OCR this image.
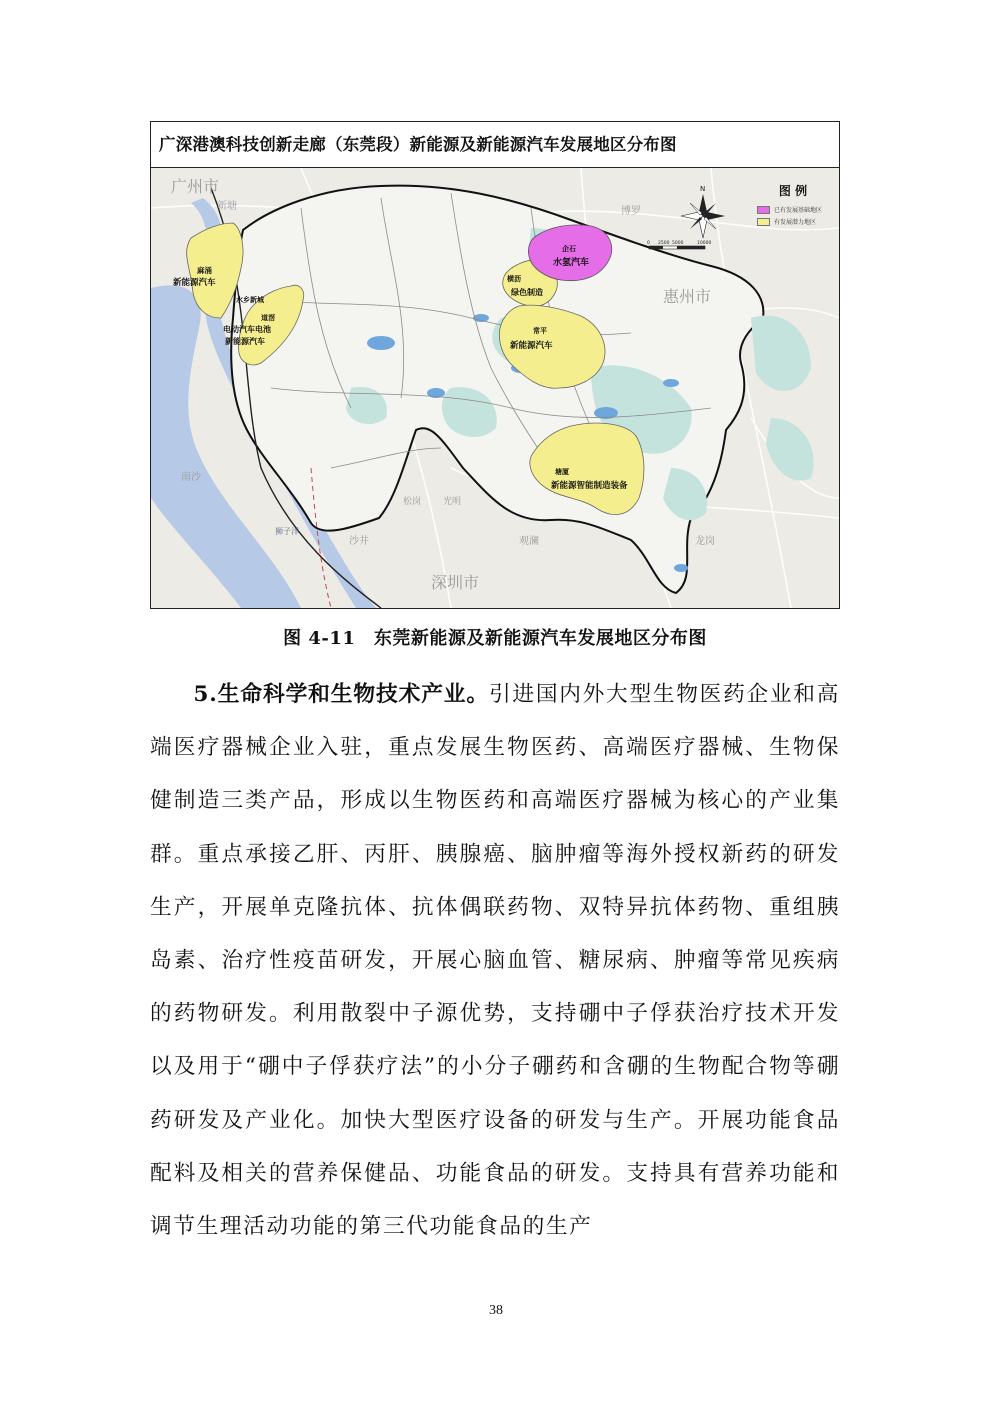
广深港澳科技创新走廊（东莞段）新能源及新能源汽车发展地区分布图
麻涌
新能源汽车
水乡新城
道滘
电动汽车电池
新能源汽车
企石
水氢汽车
横沥
绿色制造
常平
新能源汽车
塘厦
新能源智能制造装备
广州市
新塘	博罗
惠州市
南沙
松岗 光明
沙井	观澜	龙岗
深圳市
狮子洋
N
0 2500 5000	10000
图 例
已有发展基础地区
有发展潜力地区
图 4-11　东莞新能源及新能源汽车发展地区分布图

5.生命科学和生物技术产业。引进国内外大型生物医药企业和高端医疗器械企业入驻，重点发展生物医药、高端医疗器械、生物保健制造三类产品，形成以生物医药和高端医疗器械为核心的产业集群。重点承接乙肝、丙肝、胰腺癌、脑肿瘤等海外授权新药的研发生产，开展单克隆抗体、抗体偶联药物、双特异抗体药物、重组胰岛素、治疗性疫苗研发，开展心脑血管、糖尿病、肿瘤等常见疾病的药物研发。利用散裂中子源优势，支持硼中子俘获治疗技术开发以及用于“硼中子俘获疗法”的小分子硼药和含硼的生物配合物等硼药研发及产业化。加快大型医疗设备的研发与生产。开展功能食品配料及相关的营养保健品、功能食品的研发。支持具有营养功能和调节生理活动功能的第三代功能食品的生产

38
